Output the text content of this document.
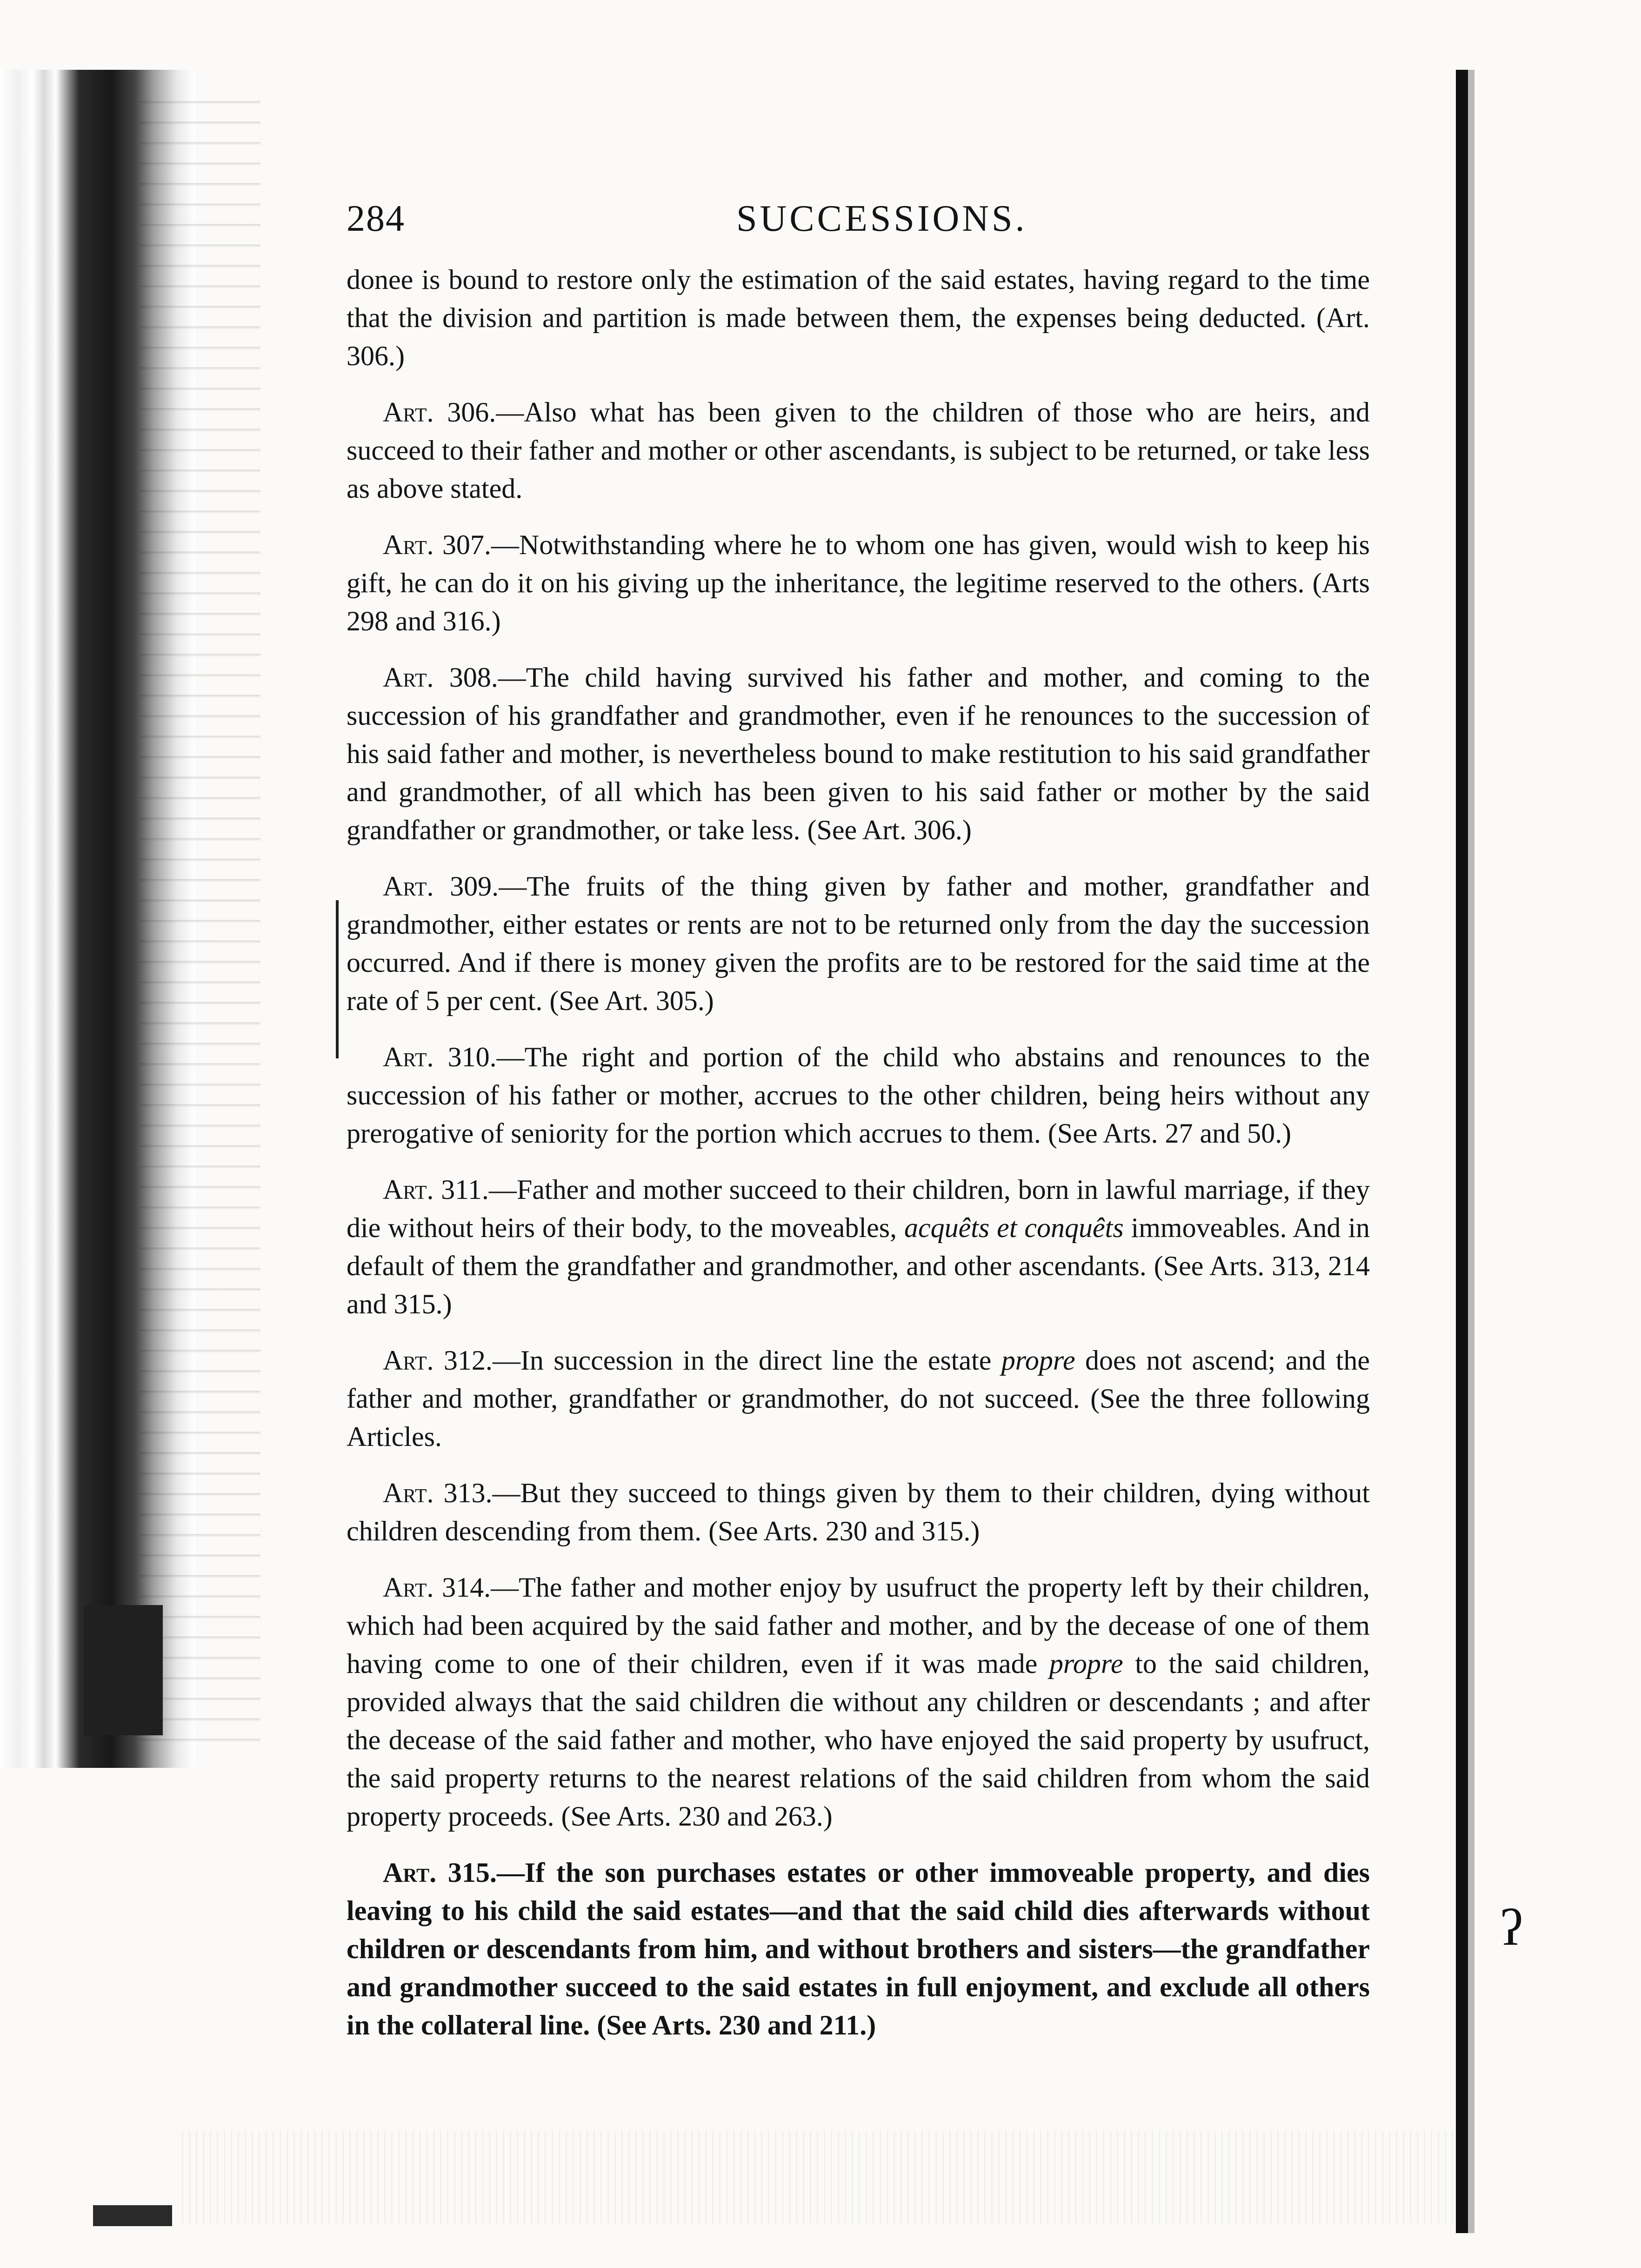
ʔ
284	SUCCESSIONS.

donee is bound to restore only the estimation of the said estates, having regard to the time that the division and partition is made between them, the expenses being deducted. (Art. 306.)

Art. 306.—Also what has been given to the children of those who are heirs, and succeed to their father and mother or other ascendants, is subject to be returned, or take less as above stated.

Art. 307.—Notwithstanding where he to whom one has given, would wish to keep his gift, he can do it on his giving up the inheritance, the legitime reserved to the others. (Arts 298 and 316.)

Art. 308.—The child having survived his father and mother, and coming to the succession of his grandfather and grandmother, even if he renounces to the succession of his said father and mother, is nevertheless bound to make restitution to his said grandfather and grandmother, of all which has been given to his said father or mother by the said grandfather or grandmother, or take less. (See Art. 306.)

Art. 309.—The fruits of the thing given by father and mother, grandfather and grandmother, either estates or rents are not to be returned only from the day the succession occurred. And if there is money given the profits are to be restored for the said time at the rate of 5 per cent. (See Art. 305.)

Art. 310.—The right and portion of the child who abstains and renounces to the succession of his father or mother, accrues to the other children, being heirs without any prerogative of seniority for the portion which accrues to them. (See Arts. 27 and 50.)

Art. 311.—Father and mother succeed to their children, born in lawful marriage, if they die without heirs of their body, to the moveables, acquêts et conquêts immoveables. And in default of them the grandfather and grandmother, and other ascendants. (See Arts. 313, 214 and 315.)

Art. 312.—In succession in the direct line the estate propre does not ascend; and the father and mother, grandfather or grandmother, do not succeed. (See the three following Articles.

Art. 313.—But they succeed to things given by them to their children, dying without children descending from them. (See Arts. 230 and 315.)

Art. 314.—The father and mother enjoy by usufruct the property left by their children, which had been acquired by the said father and mother, and by the decease of one of them having come to one of their children, even if it was made propre to the said children, provided always that the said children die without any children or descendants ; and after the decease of the said father and mother, who have enjoyed the said property by usufruct, the said property returns to the nearest relations of the said children from whom the said property proceeds. (See Arts. 230 and 263.)

Art. 315.—If the son purchases estates or other immoveable property, and dies leaving to his child the said estates—and that the said child dies afterwards without children or descendants from him, and without brothers and sisters—the grandfather and grandmother succeed to the said estates in full enjoyment, and exclude all others in the collateral line. (See Arts. 230 and 211.)
